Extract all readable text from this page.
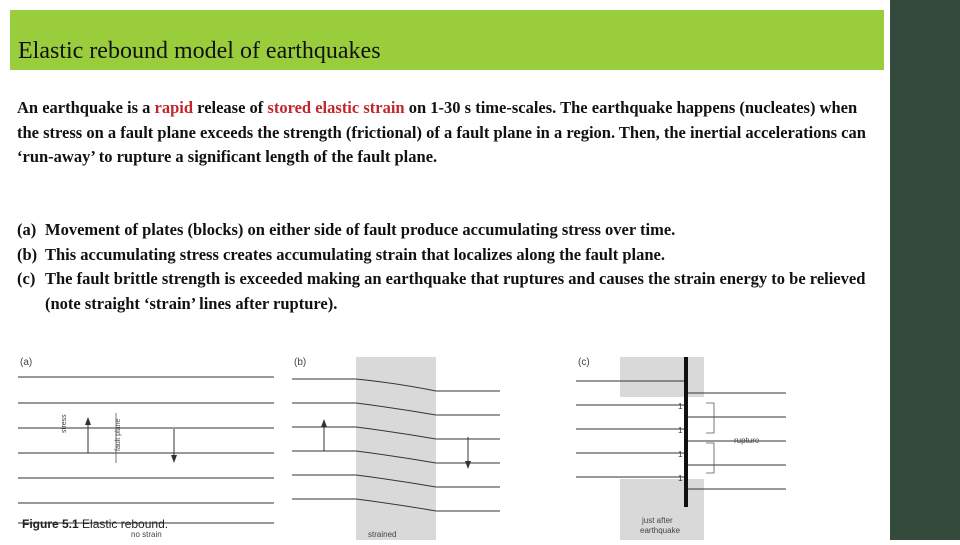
Elastic rebound model of earthquakes
An earthquake is a rapid release of stored elastic strain on 1-30 s time-scales. The earthquake happens (nucleates) when the stress on a fault plane exceeds the strength (frictional) of a fault plane in a region. Then, the inertial accelerations can ‘run-away’ to rupture a significant length of the fault plane.
(a) Movement of plates (blocks) on either side of fault produce accumulating stress over time.
(b) This accumulating stress creates accumulating strain that localizes along the fault plane.
(c) The fault brittle strength is exceeded making an earthquake that ruptures and causes the strain energy to be relieved (note straight ‘strain’ lines after rupture).
(a)
stress	fault plane
no strain
(b)
strained
(c)
1
1
1
1
rupture
just after
earthquake
Figure 5.1 Elastic rebound.
